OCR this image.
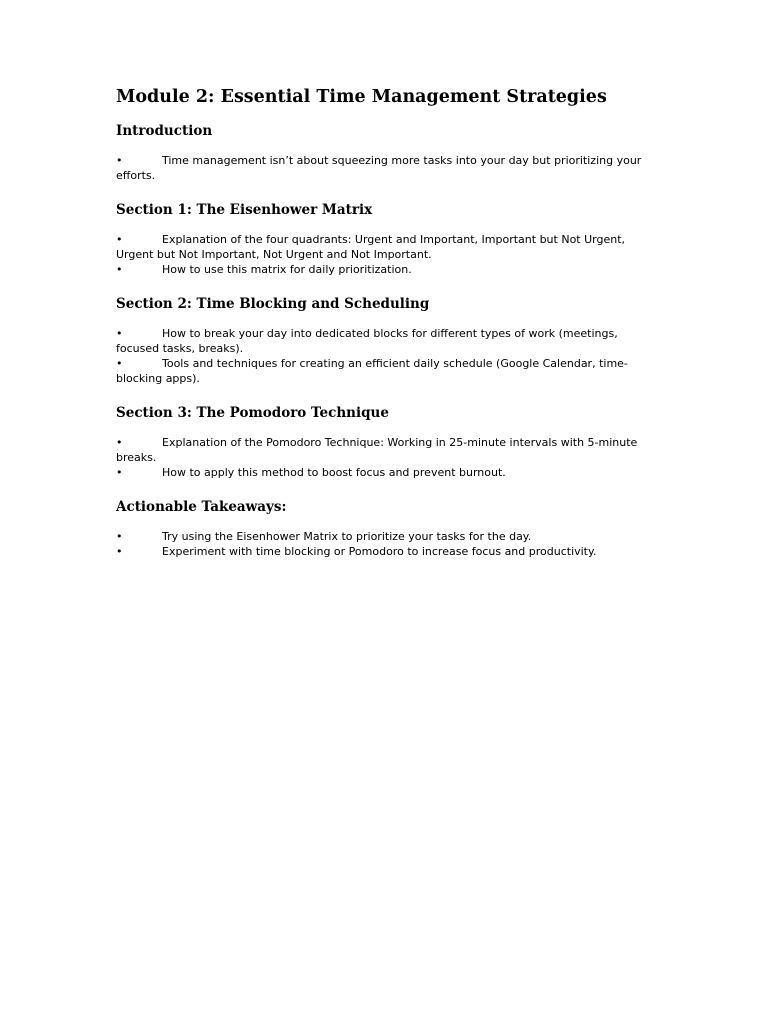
Module 2: Essential Time Management Strategies
Introduction
•	Time management isn’t about squeezing more tasks into your day but prioritizing your efforts.
Section 1: The Eisenhower Matrix
•	Explanation of the four quadrants: Urgent and Important, Important but Not Urgent, Urgent but Not Important, Not Urgent and Not Important.
•	How to use this matrix for daily prioritization.
Section 2: Time Blocking and Scheduling
•	How to break your day into dedicated blocks for different types of work (meetings, focused tasks, breaks).
•	Tools and techniques for creating an efficient daily schedule (Google Calendar, time-blocking apps).
Section 3: The Pomodoro Technique
•	Explanation of the Pomodoro Technique: Working in 25-minute intervals with 5-minute breaks.
•	How to apply this method to boost focus and prevent burnout.
Actionable Takeaways:
•	Try using the Eisenhower Matrix to prioritize your tasks for the day.
•	Experiment with time blocking or Pomodoro to increase focus and productivity.
